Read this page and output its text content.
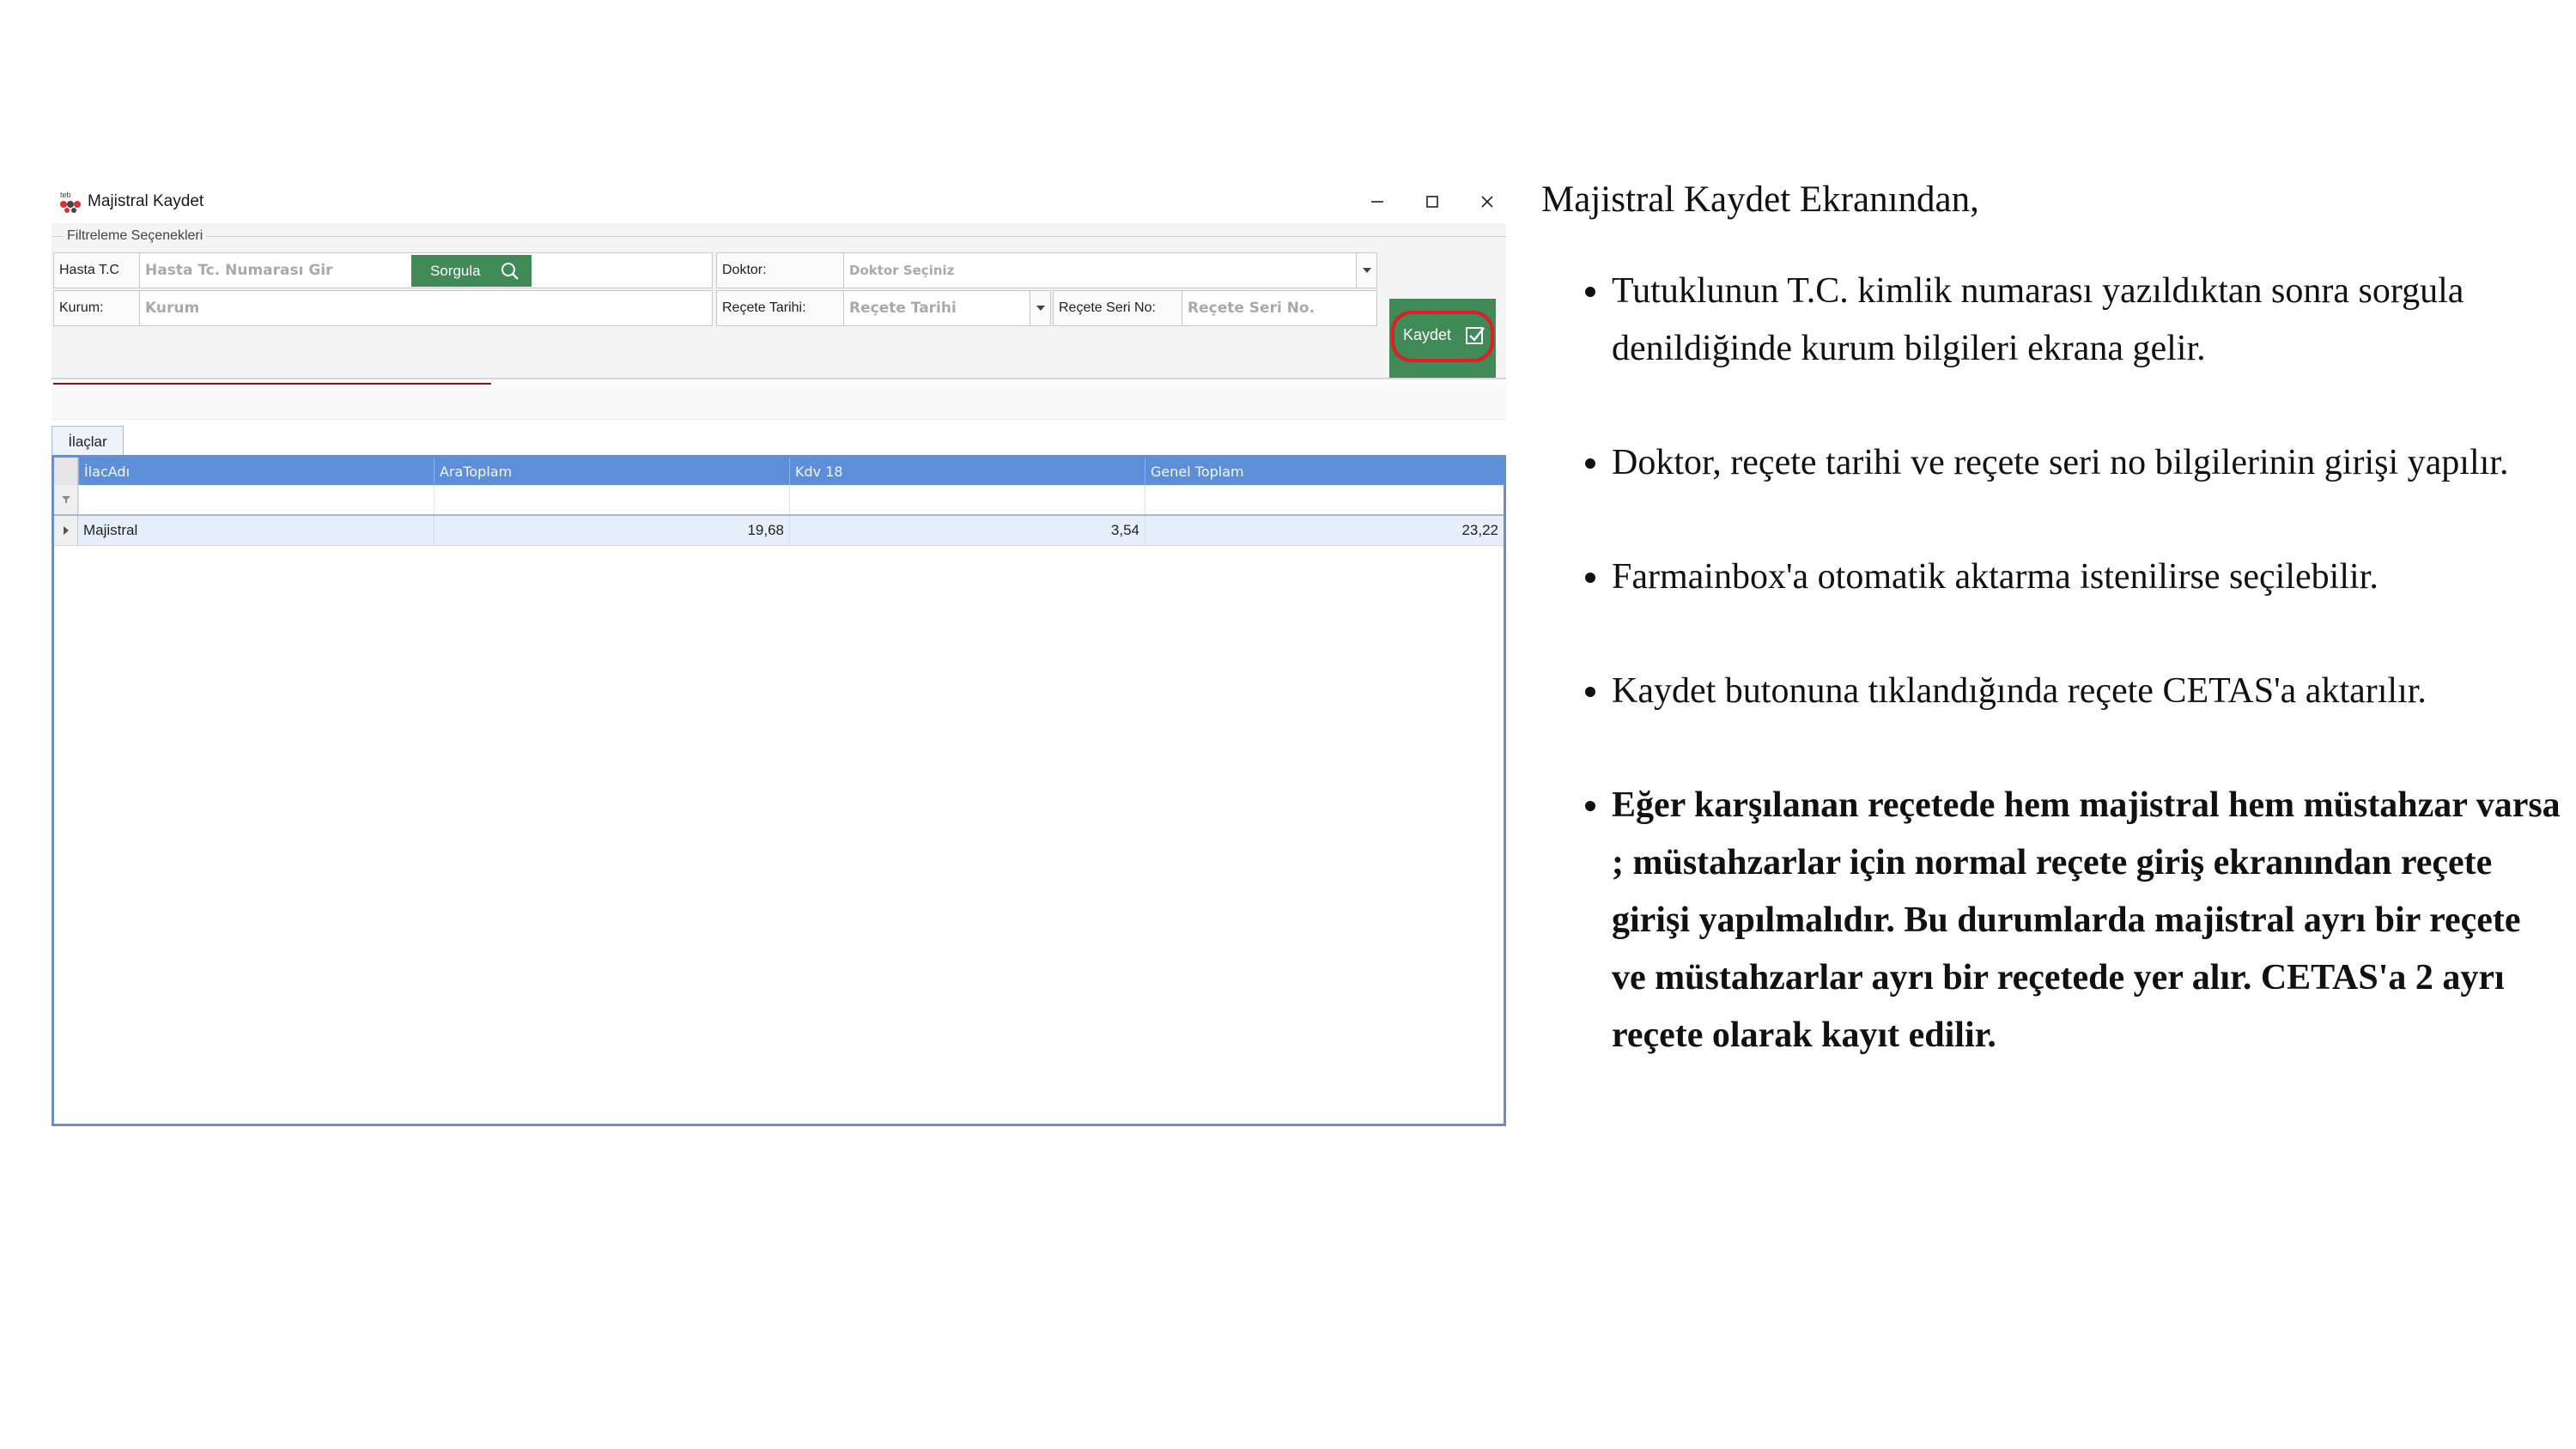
teb Majistral Kaydet
Filtreleme Seçenekleri
Hasta T.C	Hasta Tc. Numarası Gir	Sorgula
Kurum:	Kurum
Doktor:	Doktor Seçiniz
Reçete Tarihi:	Reçete Tarihi	Reçete Seri No:	Reçete Seri No.
Kaydet
İlaçlar
İlacAdı	AraToplam	Kdv 18	Genel Toplam
Majistral	19,68	3,54	23,22

Majistral Kaydet Ekranından,

• Tutuklunun T.C. kimlik numarası yazıldıktan sonra sorgula denildiğinde kurum bilgileri ekrana gelir.
• Doktor, reçete tarihi ve reçete seri no bilgilerinin girişi yapılır.
• Farmainbox'a otomatik aktarma istenilirse seçilebilir.
• Kaydet butonuna tıklandığında reçete CETAS'a aktarılır.
• Eğer karşılanan reçetede hem majistral hem müstahzar varsa ; müstahzarlar için normal reçete giriş ekranından reçete girişi yapılmalıdır. Bu durumlarda majistral ayrı bir reçete ve müstahzarlar ayrı bir reçetede yer alır. CETAS'a 2 ayrı reçete olarak kayıt edilir.
